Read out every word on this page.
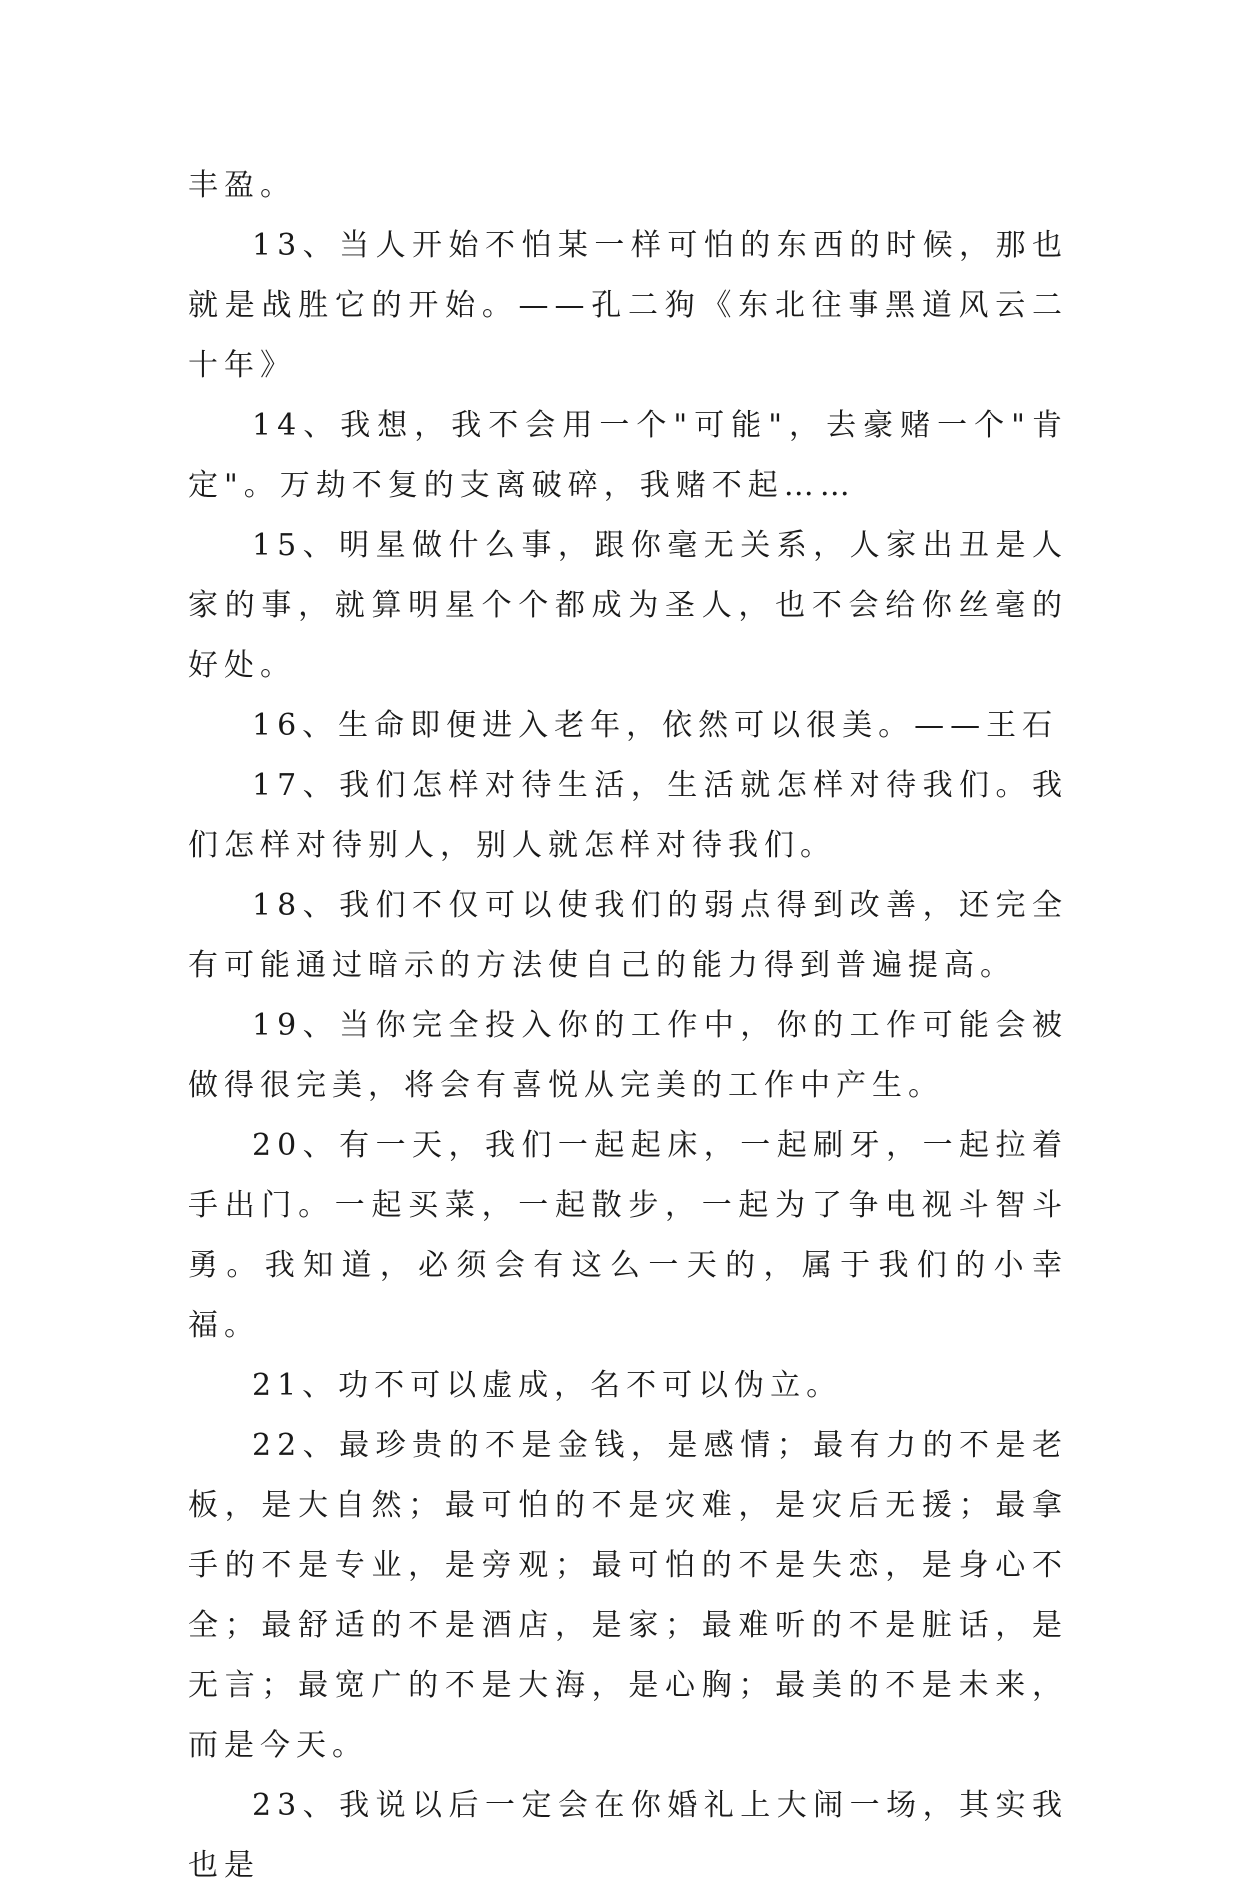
丰盈。

13、当人开始不怕某一样可怕的东西的时候，那也就是战胜它的开始。——孔二狗《东北往事黑道风云二十年》

14、我想，我不会用一个"可能"，去豪赌一个"肯定"。万劫不复的支离破碎，我赌不起……

15、明星做什么事，跟你毫无关系，人家出丑是人家的事，就算明星个个都成为圣人，也不会给你丝毫的好处。

16、生命即便进入老年，依然可以很美。——王石

17、我们怎样对待生活，生活就怎样对待我们。我们怎样对待别人，别人就怎样对待我们。

18、我们不仅可以使我们的弱点得到改善，还完全有可能通过暗示的方法使自己的能力得到普遍提高。

19、当你完全投入你的工作中，你的工作可能会被做得很完美，将会有喜悦从完美的工作中产生。

20、有一天，我们一起起床，一起刷牙，一起拉着手出门。一起买菜，一起散步，一起为了争电视斗智斗勇。我知道，必须会有这么一天的，属于我们的小幸福。

21、功不可以虚成，名不可以伪立。

22、最珍贵的不是金钱，是感情；最有力的不是老板，是大自然；最可怕的不是灾难，是灾后无援；最拿手的不是专业，是旁观；最可怕的不是失恋，是身心不全；最舒适的不是酒店，是家；最难听的不是脏话，是无言；最宽广的不是大海，是心胸；最美的不是未来，而是今天。

23、我说以后一定会在你婚礼上大闹一场，其实我也是
